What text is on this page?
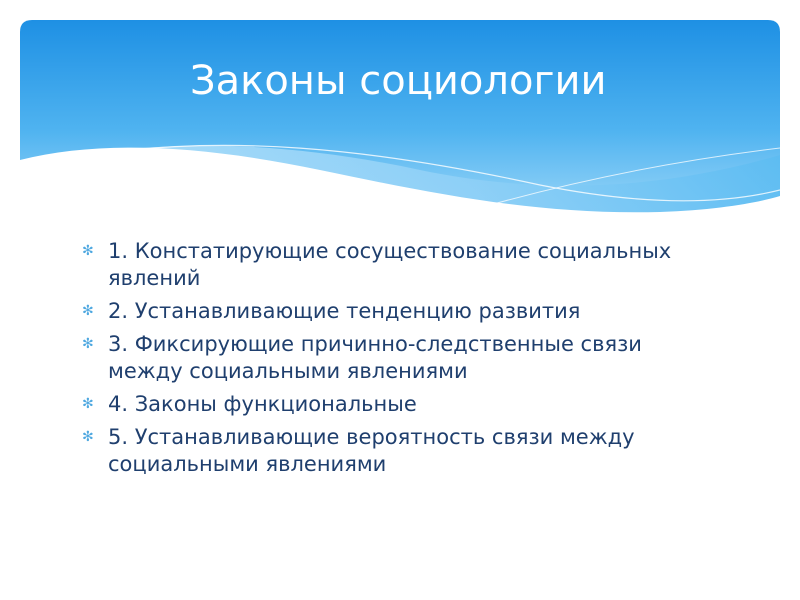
Законы социологии
✻ 1. Констатирующие сосуществование социальных явлений
✻ 2. Устанавливающие тенденцию развития
✻ 3. Фиксирующие причинно-следственные связи между социальными явлениями
✻ 4. Законы функциональные
✻ 5. Устанавливающие вероятность связи между социальными явлениями
